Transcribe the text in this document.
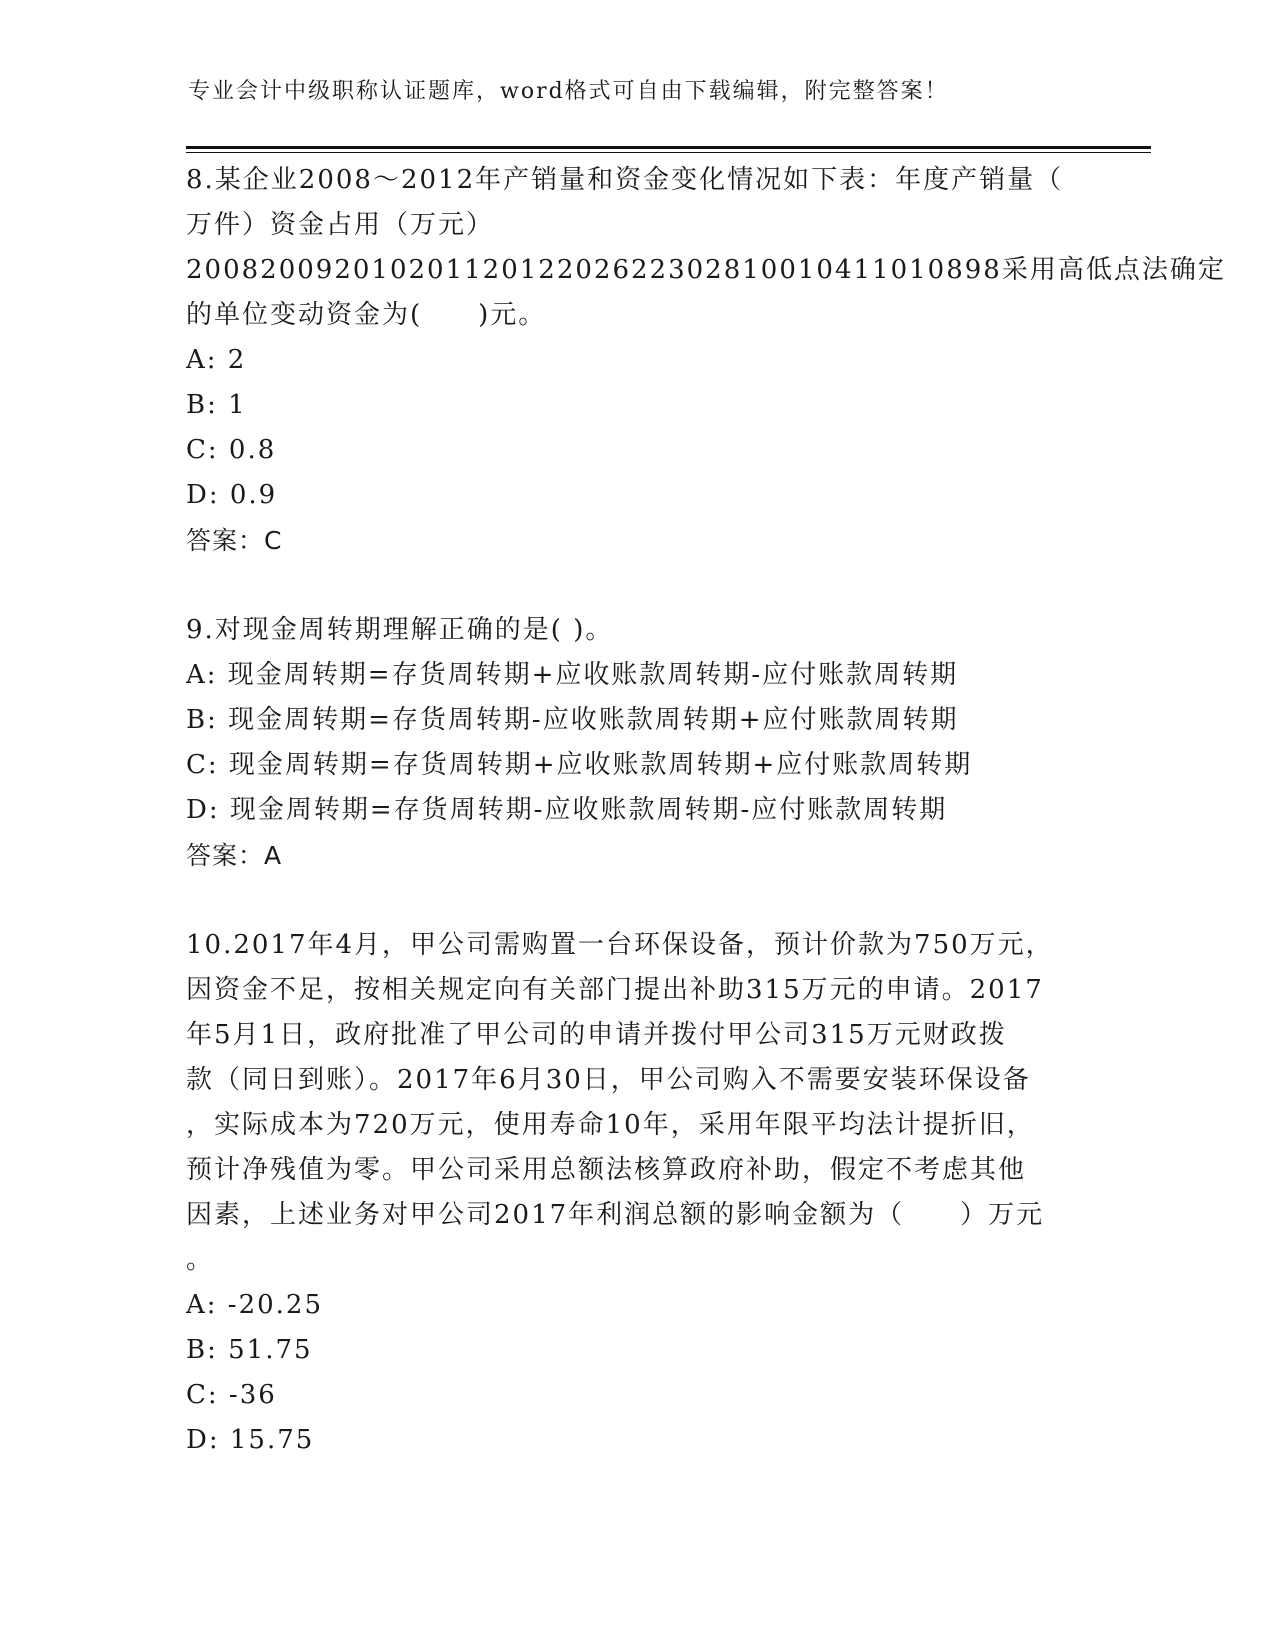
专业会计中级职称认证题库，word格式可自由下载编辑，附完整答案！
8.某企业2008～2012年产销量和资金变化情况如下表：年度产销量（
万件）资金占用（万元）
20082009201020112012202622302810010411010898采用高低点法确定
的单位变动资金为(　　)元。
A: 2
B: 1
C: 0.8
D: 0.9
答案：C
9.对现金周转期理解正确的是( )。
A: 现金周转期=存货周转期+应收账款周转期-应付账款周转期
B: 现金周转期=存货周转期-应收账款周转期+应付账款周转期
C: 现金周转期=存货周转期+应收账款周转期+应付账款周转期
D: 现金周转期=存货周转期-应收账款周转期-应付账款周转期
答案：A
10.2017年4月，甲公司需购置一台环保设备，预计价款为750万元，
因资金不足，按相关规定向有关部门提出补助315万元的申请。2017
年5月1日，政府批准了甲公司的申请并拨付甲公司315万元财政拨
款（同日到账）。2017年6月30日，甲公司购入不需要安装环保设备
，实际成本为720万元，使用寿命10年，采用年限平均法计提折旧，
预计净残值为零。甲公司采用总额法核算政府补助，假定不考虑其他
因素，上述业务对甲公司2017年利润总额的影响金额为（　　）万元
。
A: -20.25
B: 51.75
C: -36
D: 15.75
